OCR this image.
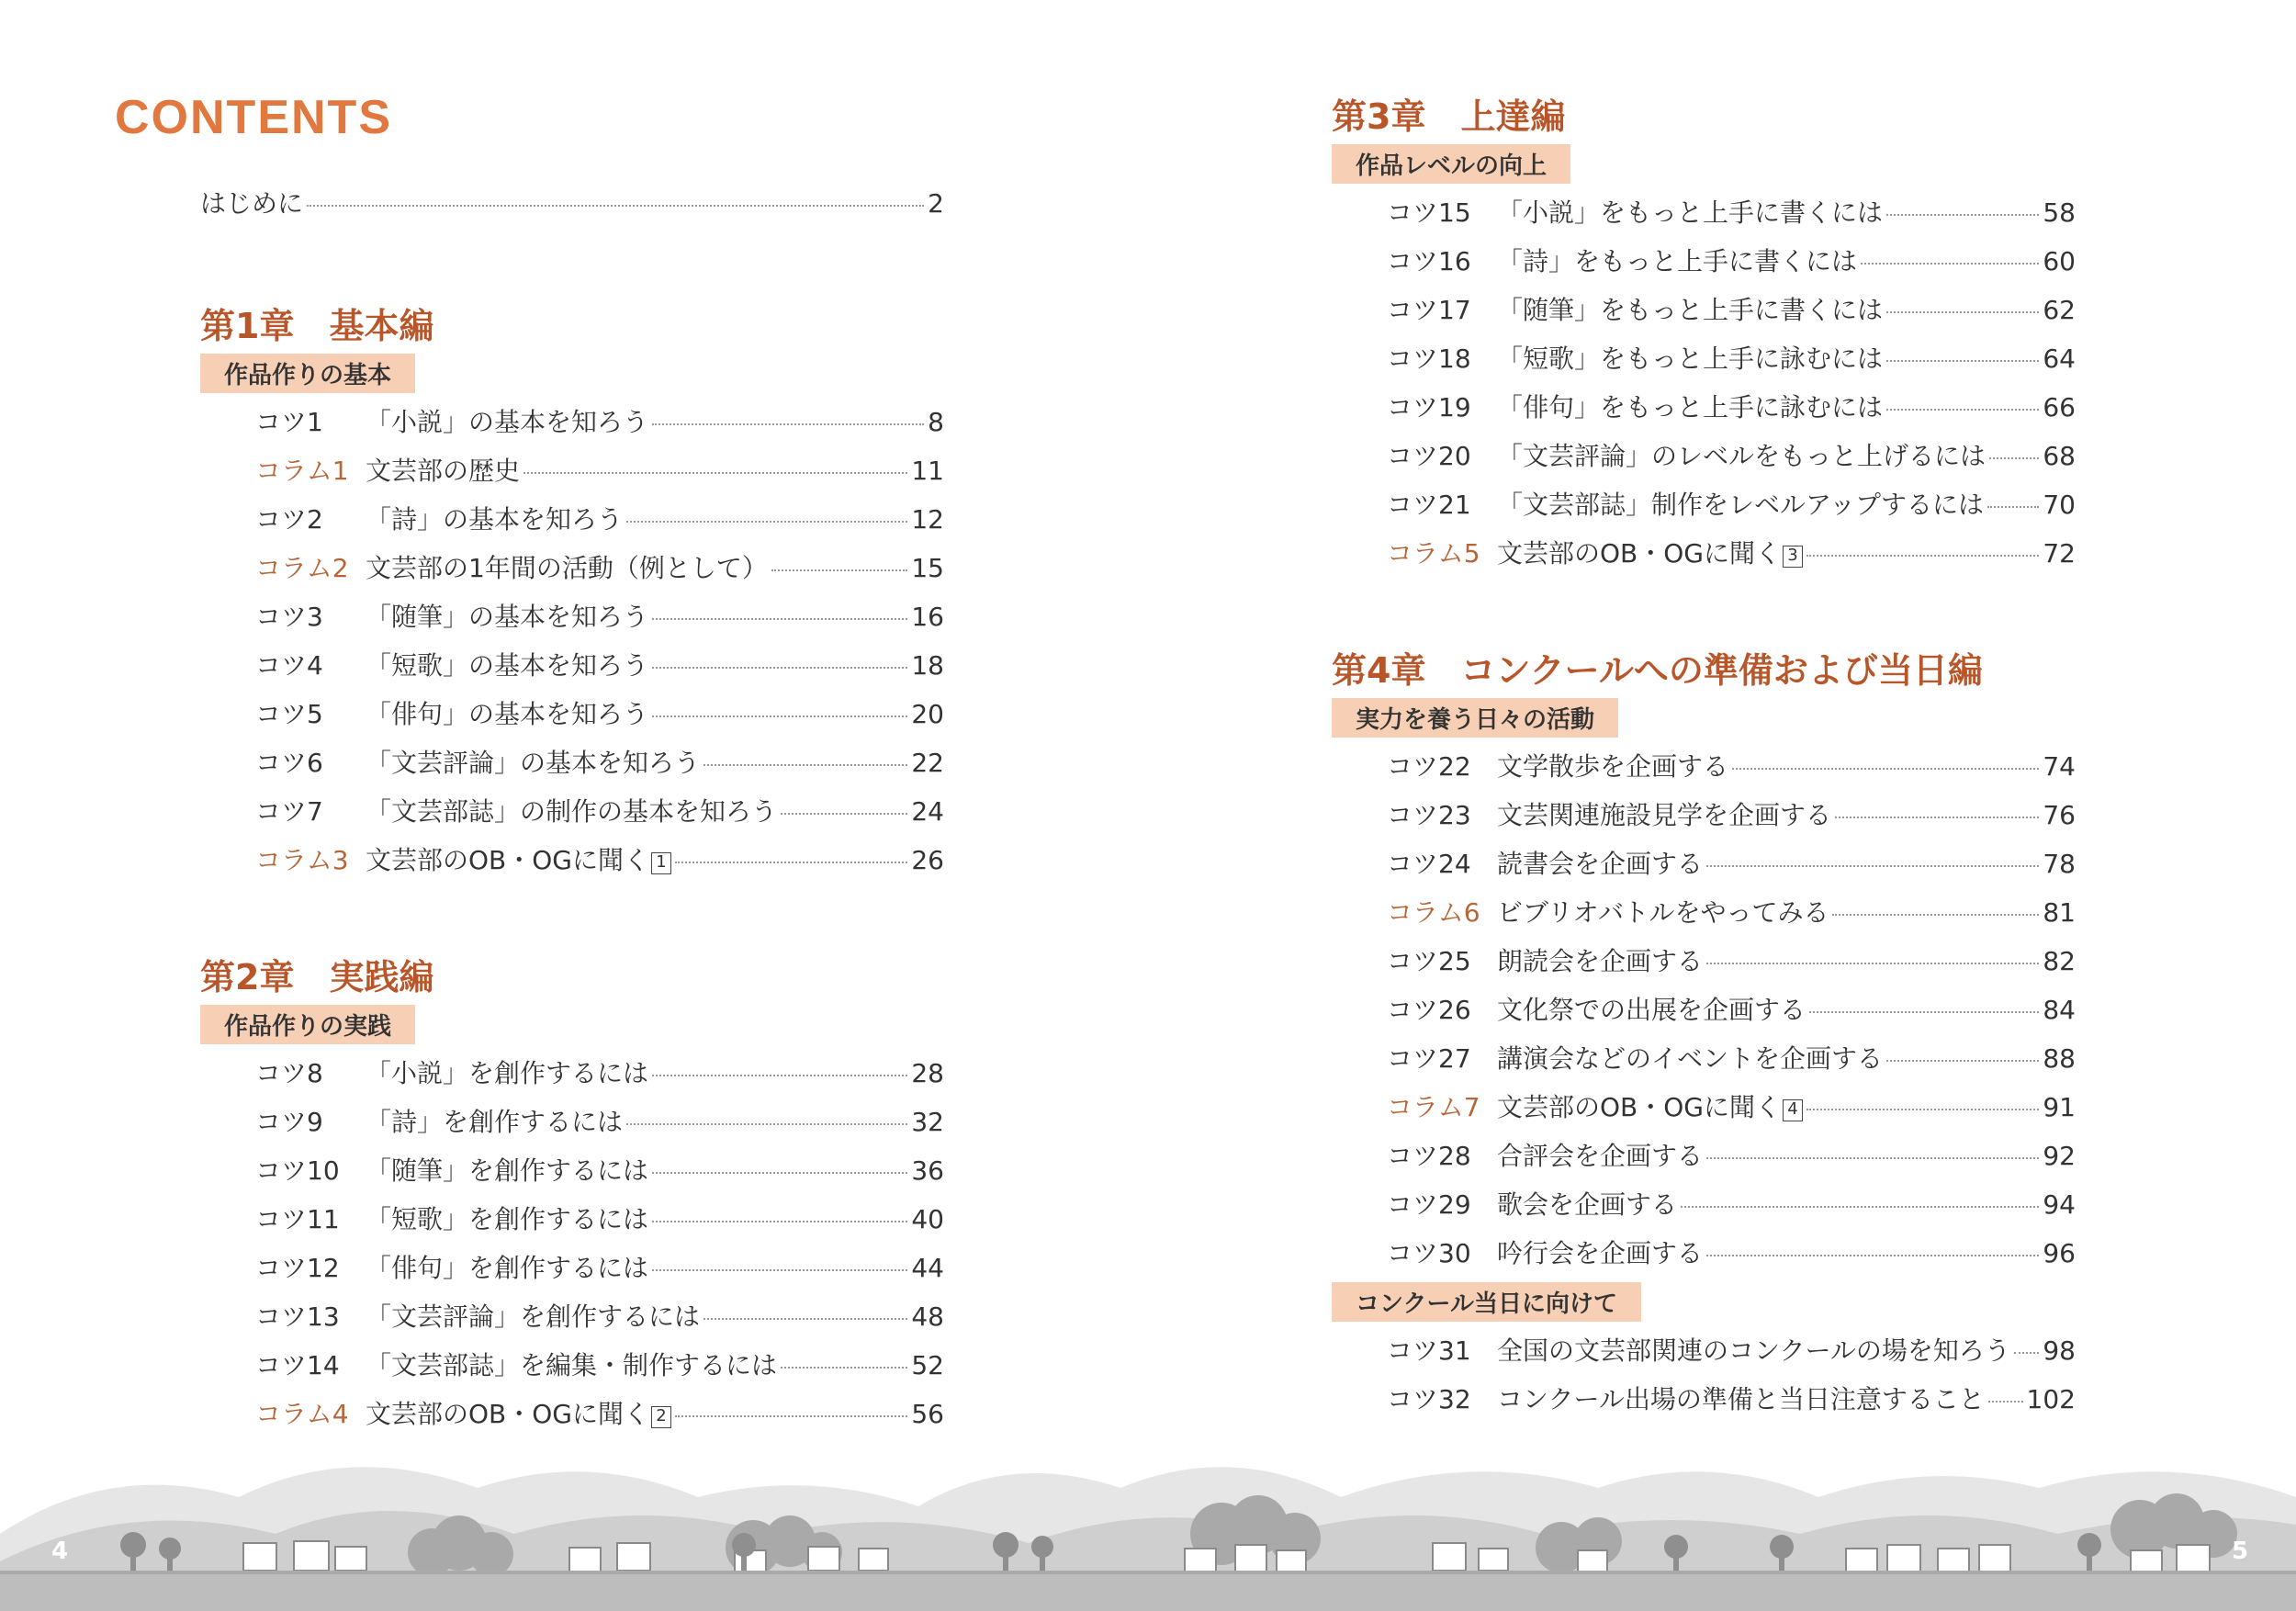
CONTENTS
はじめに	2
第1章　基本編
作品作りの基本
コツ1	「小説」の基本を知ろう	8
コラム1 文芸部の歴史	11
コツ2	「詩」の基本を知ろう	12
コラム2 文芸部の1年間の活動（例として）	15
コツ3	「随筆」の基本を知ろう	16
コツ4	「短歌」の基本を知ろう	18
コツ5	「俳句」の基本を知ろう	20
コツ6	「文芸評論」の基本を知ろう	22
コツ7	「文芸部誌」の制作の基本を知ろう	24
コラム3 文芸部のOB・OGに聞く 1	26
第2章　実践編
作品作りの実践
コツ8	「小説」を創作するには	28
コツ9	「詩」を創作するには	32
コツ10	「随筆」を創作するには	36
コツ11	「短歌」を創作するには	40
コツ12	「俳句」を創作するには	44
コツ13	「文芸評論」を創作するには	48
コツ14	「文芸部誌」を編集・制作するには	52
コラム4 文芸部のOB・OGに聞く 2	56
第3章　上達編
作品レベルの向上
コツ15	「小説」をもっと上手に書くには	58
コツ16	「詩」をもっと上手に書くには	60
コツ17	「随筆」をもっと上手に書くには	62
コツ18	「短歌」をもっと上手に詠むには	64
コツ19	「俳句」をもっと上手に詠むには	66
コツ20	「文芸評論」のレベルをもっと上げるには 68
コツ21	「文芸部誌」制作をレベルアップするには 70
コラム5 文芸部のOB・OGに聞く 3	72
第4章　コンクールへの準備および当日編
実力を養う日々の活動
コツ22	文学散歩を企画する	74
コツ23	文芸関連施設見学を企画する	76
コツ24	読書会を企画する	78
コラム6 ビブリオバトルをやってみる	81
コツ25	朗読会を企画する	82
コツ26	文化祭での出展を企画する	84
コツ27	講演会などのイベントを企画する	88
コラム7 文芸部のOB・OGに聞く 4	91
コツ28	合評会を企画する	92
コツ29	歌会を企画する	94
コツ30	吟行会を企画する	96
コンクール当日に向けて
コツ31	全国の文芸部関連のコンクールの場を知ろう 98
コツ32	コンクール出場の準備と当日注意すること 102
4	5
